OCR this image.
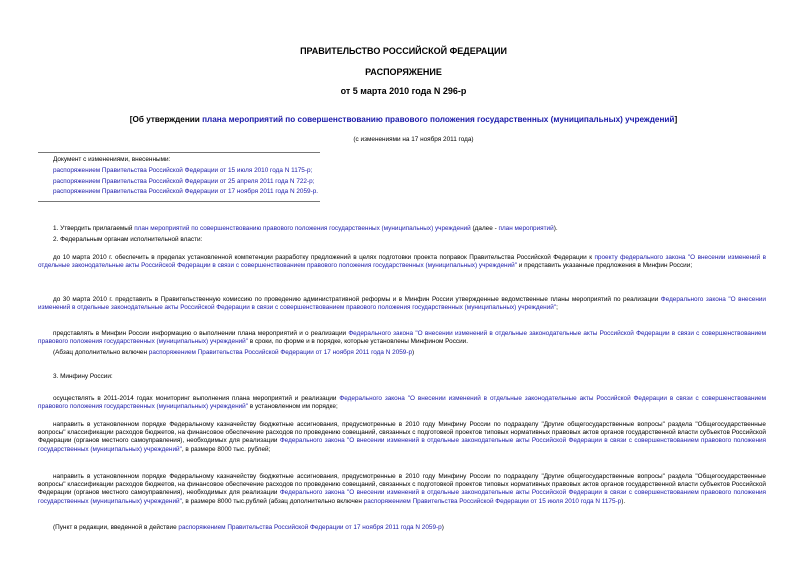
ПРАВИТЕЛЬСТВО РОССИЙСКОЙ ФЕДЕРАЦИИ
РАСПОРЯЖЕНИЕ
от 5 марта 2010 года N 296-р
[Об утверждении плана мероприятий по совершенствованию правового положения государственных (муниципальных) учреждений]
(с изменениями на 17 ноября 2011 года)
Документ с изменениями, внесенными:
распоряжением Правительства Российской Федерации от 15 июля 2010 года N 1175-р;
распоряжением Правительства Российской Федерации от 25 апреля 2011 года N 722-р;
распоряжением Правительства Российской Федерации от 17 ноября 2011 года N 2059-р.
1. Утвердить прилагаемый план мероприятий по совершенствованию правового положения государственных (муниципальных) учреждений (далее - план мероприятий).
2. Федеральным органам исполнительной власти:
до 10 марта 2010 г. обеспечить в пределах установленной компетенции разработку предложений в целях подготовки проекта поправок Правительства Российской Федерации к проекту федерального закона "О внесении изменений в отдельные законодательные акты Российской Федерации в связи с совершенствованием правового положения государственных (муниципальных) учреждений" и представить указанные предложения в Минфин России;
до 30 марта 2010 г. представить в Правительственную комиссию по проведению административной реформы и в Минфин России утвержденные ведомственные планы мероприятий по реализации Федерального закона "О внесении изменений в отдельные законодательные акты Российской Федерации в связи с совершенствованием правового положения государственных (муниципальных) учреждений";
представлять в Минфин России информацию о выполнении плана мероприятий и о реализации Федерального закона "О внесении изменений в отдельные законодательные акты Российской Федерации в связи с совершенствованием правового положения государственных (муниципальных) учреждений" в сроки, по форме и в порядке, которые установлены Минфином России.
(Абзац дополнительно включен распоряжением Правительства Российской Федерации от 17 ноября 2011 года N 2059-р)
3. Минфину России:
осуществлять в 2011-2014 годах мониторинг выполнения плана мероприятий и реализации Федерального закона "О внесении изменений в отдельные законодательные акты Российской Федерации в связи с совершенствованием правового положения государственных (муниципальных) учреждений" в установленном им порядке;
направить в установленном порядке Федеральному казначейству бюджетные ассигнования, предусмотренные в 2010 году Минфину России по подразделу "Другие общегосударственные вопросы" раздела "Общегосударственные вопросы" классификации расходов бюджетов, на финансовое обеспечение расходов по проведению совещаний, связанных с подготовкой проектов типовых нормативных правовых актов органов государственной власти субъектов Российской Федерации (органов местного самоуправления), необходимых для реализации Федерального закона "О внесении изменений в отдельные законодательные акты Российской Федерации в связи с совершенствованием правового положения государственных (муниципальных) учреждений", в размере 8000 тыс. рублей;
направить в установленном порядке Федеральному казначейству бюджетные ассигнования, предусмотренные в 2010 году Минфину России по подразделу "Другие общегосударственные вопросы" раздела "Общегосударственные вопросы" классификации расходов бюджетов, на финансовое обеспечение расходов по проведению совещаний, связанных с подготовкой проектов типовых нормативных правовых актов органов государственной власти субъектов Российской Федерации (органов местного самоуправления), необходимых для реализации Федерального закона "О внесении изменений в отдельные законодательные акты Российской Федерации в связи с совершенствованием правового положения государственных (муниципальных) учреждений", в размере 8000 тыс.рублей (абзац дополнительно включен распоряжением Правительства Российской Федерации от 15 июля 2010 года N 1175-р).
(Пункт в редакции, введенной в действие распоряжением Правительства Российской Федерации от 17 ноября 2011 года N 2059-р)
